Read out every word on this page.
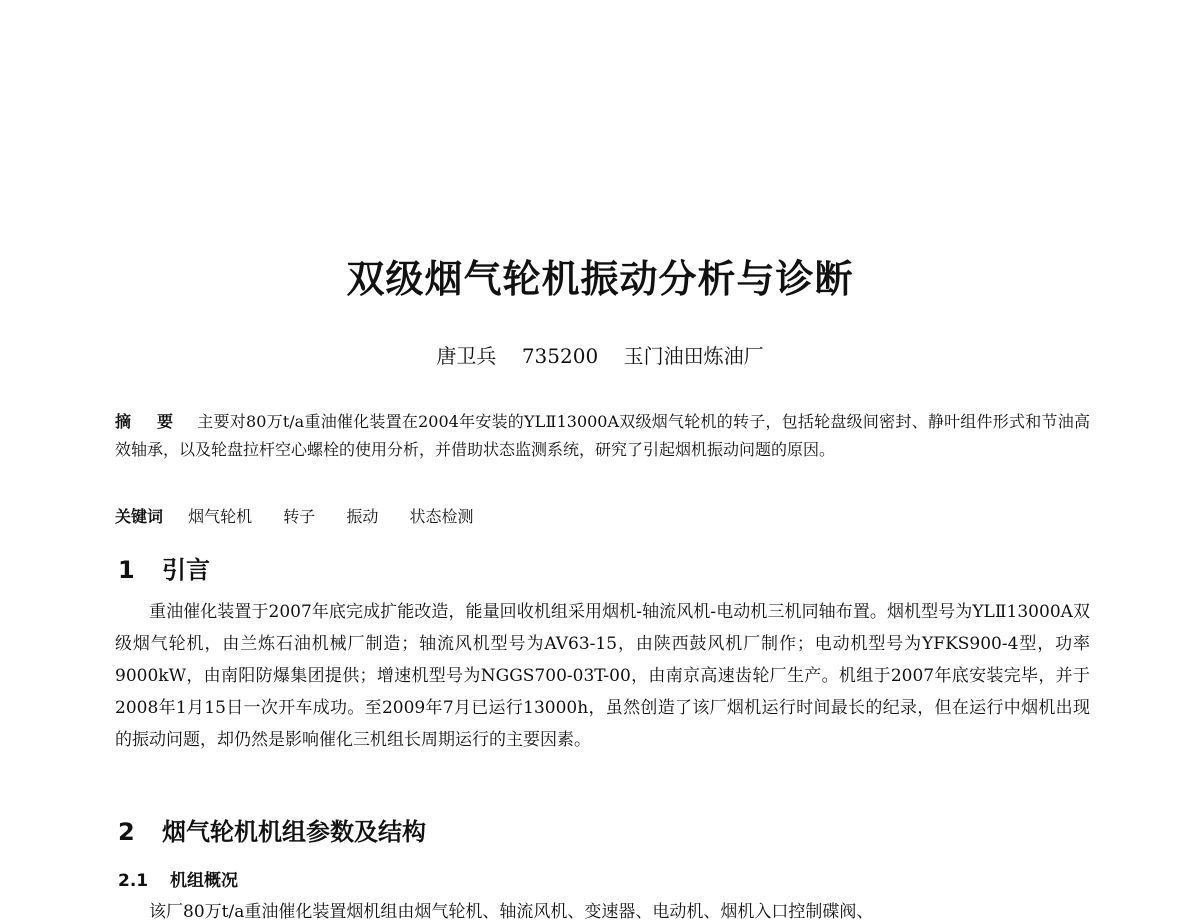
双级烟气轮机振动分析与诊断
唐卫兵    735200    玉门油田炼油厂
摘 要 主要对80万t/a重油催化装置在2004年安装的YLⅡ13000A双级烟气轮机的转子，包括轮盘级间密封、静叶组件形式和节油高效轴承，以及轮盘拉杆空心螺栓的使用分析，并借助状态监测系统，研究了引起烟机振动问题的原因。
关键词 烟气轮机 转子 振动 状态检测
1 引言
重油催化装置于2007年底完成扩能改造，能量回收机组采用烟机-轴流风机-电动机三机同轴布置。烟机型号为YLⅡ13000A双级烟气轮机，由兰炼石油机械厂制造；轴流风机型号为AV63-15，由陕西鼓风机厂制作；电动机型号为YFKS900-4型，功率9000kW，由南阳防爆集团提供；增速机型号为NGGS700-03T-00，由南京高速齿轮厂生产。机组于2007年底安装完毕，并于2008年1月15日一次开车成功。至2009年7月已运行13000h，虽然创造了该厂烟机运行时间最长的纪录，但在运行中烟机出现的振动问题，却仍然是影响催化三机组长周期运行的主要因素。
2 烟气轮机机组参数及结构
2.1 机组概况
该厂80万t/a重油催化装置烟机组由烟气轮机、轴流风机、变速器、电动机、烟机入口控制碟阀、
